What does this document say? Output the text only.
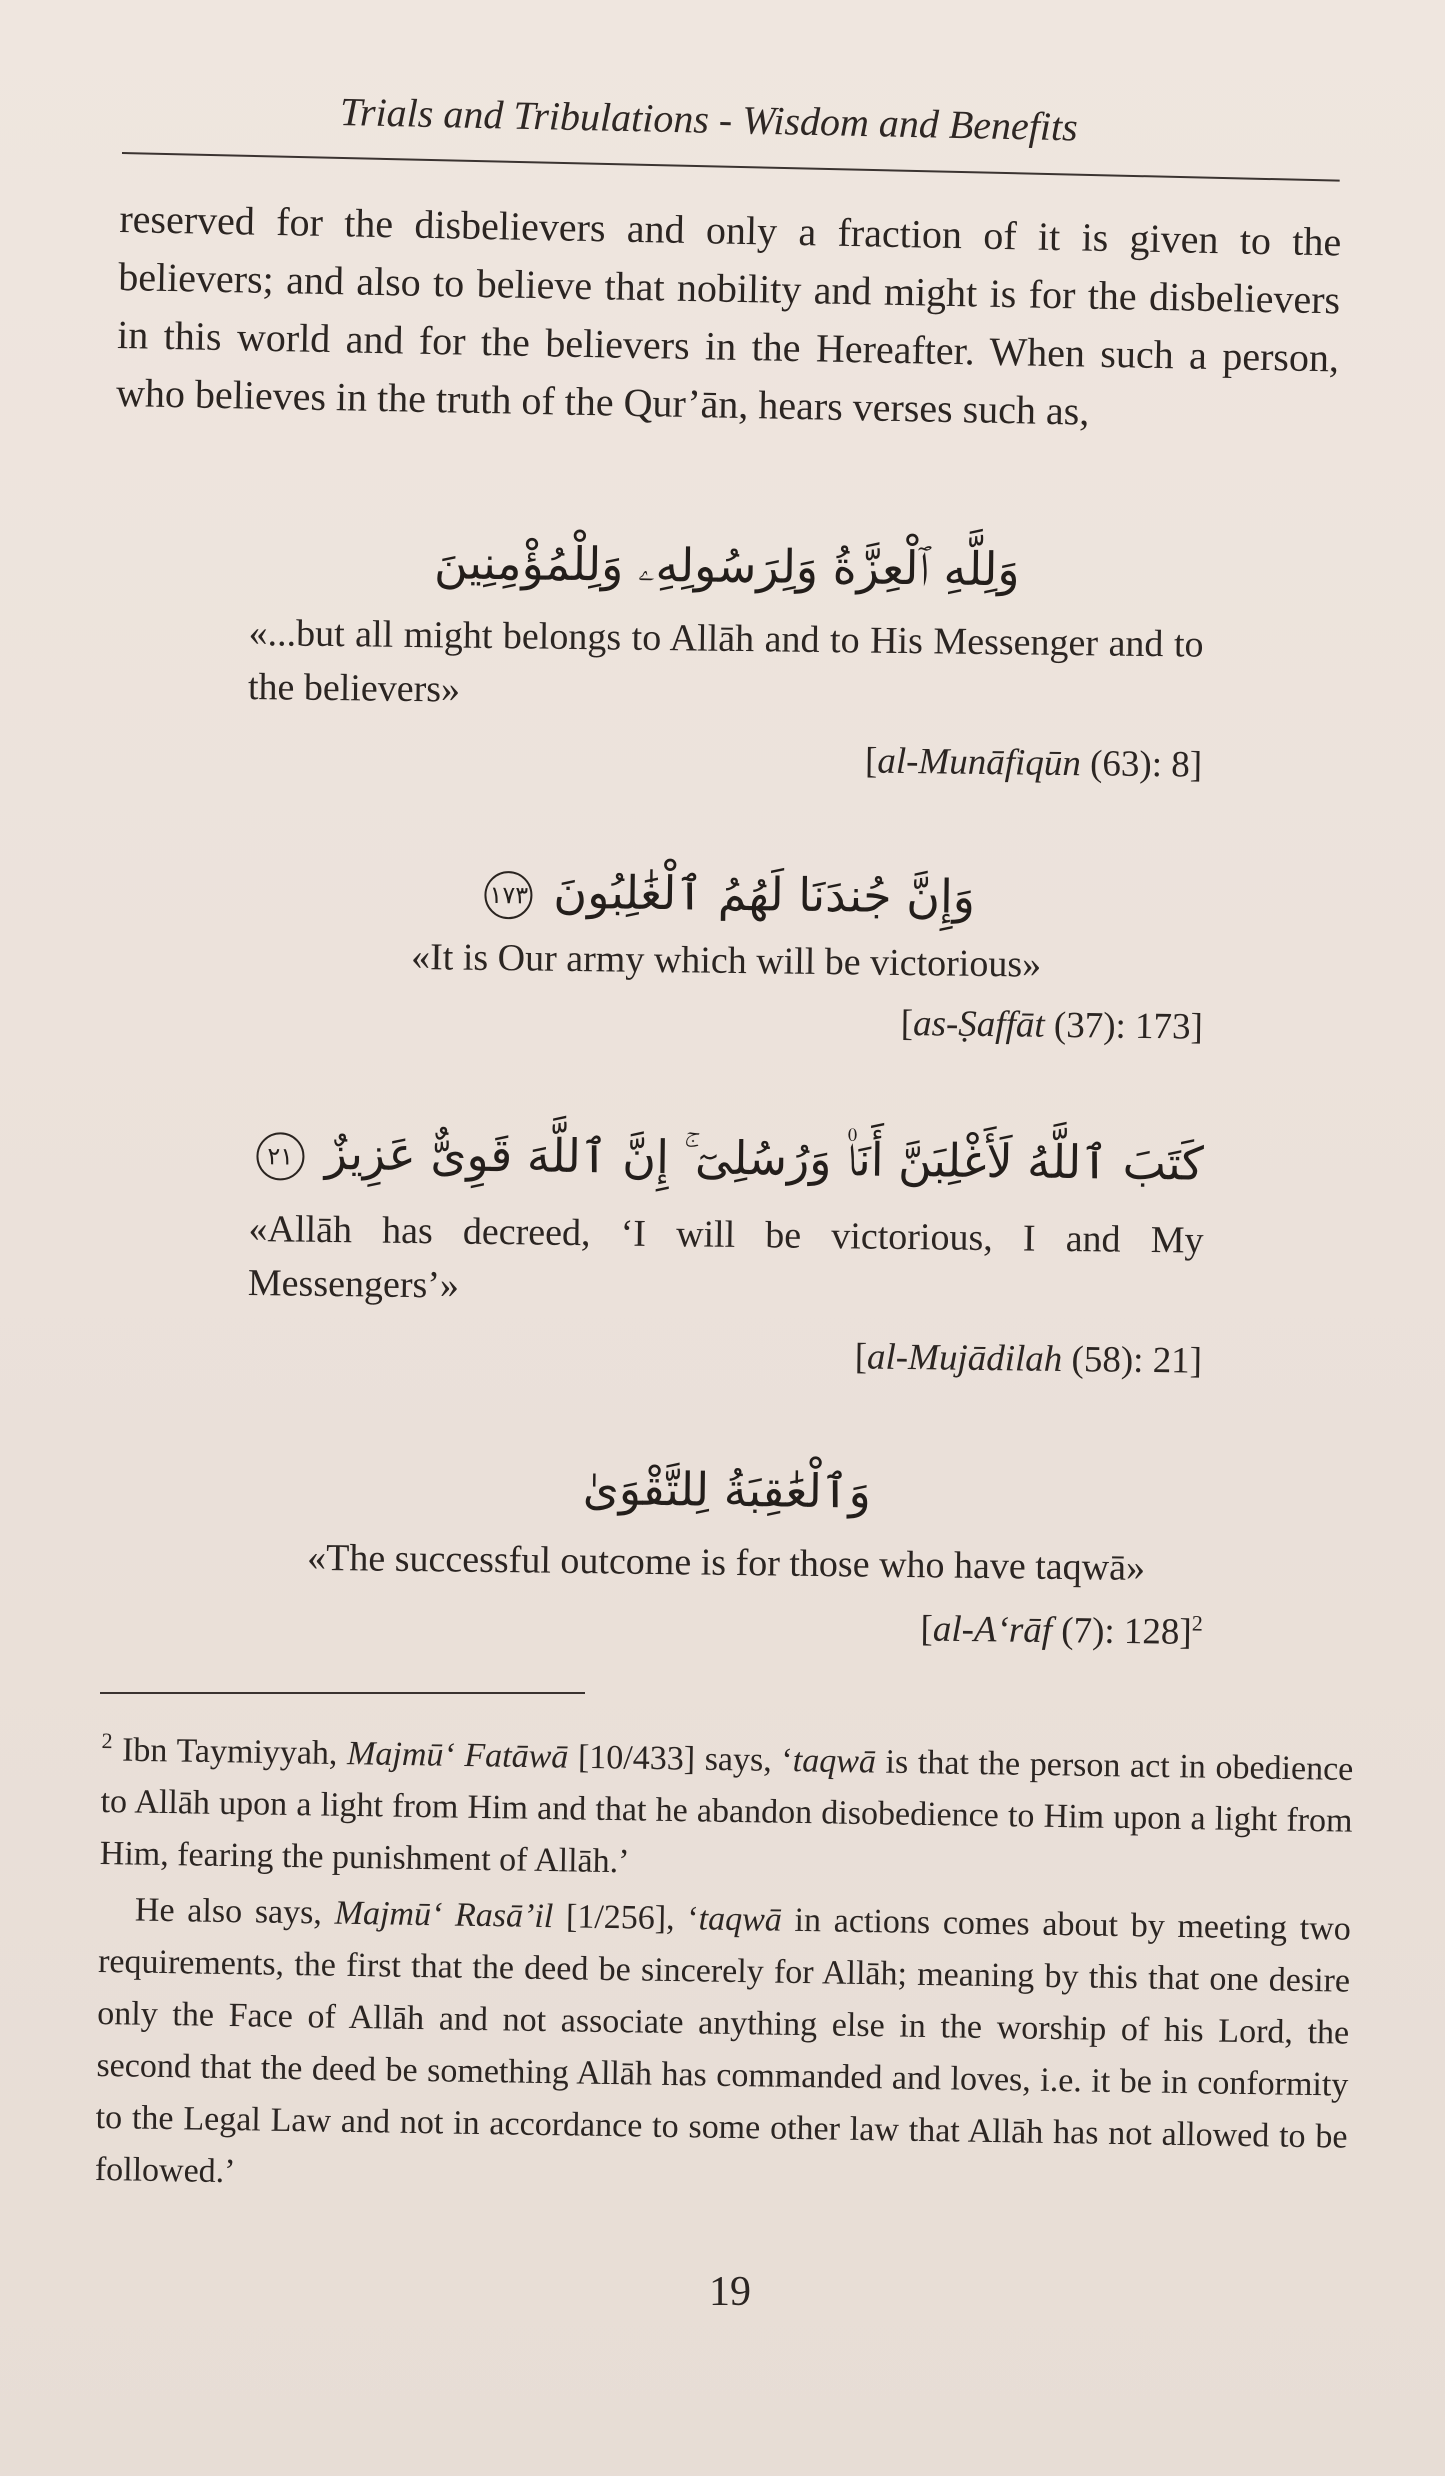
Trials and Tribulations - Wisdom and Benefits
reserved for the disbelievers and only a fraction of it is given to the believers; and also to believe that nobility and might is for the disbelievers in this world and for the believers in the Hereafter. When such a person, who believes in the truth of the Qur’ān, hears verses such as,
وَلِلَّهِ ٱلْعِزَّةُ وَلِرَسُولِهِۦ وَلِلْمُؤْمِنِينَ
«...but all might belongs to Allāh and to His Messenger and to the believers»
[al-Munāfiqūn (63): 8]
وَإِنَّ جُندَنَا لَهُمُ ٱلْغَٰلِبُونَ ١٧٣
«It is Our army which will be victorious»
[as-Ṣaffāt (37): 173]
كَتَبَ ٱللَّهُ لَأَغْلِبَنَّ أَنَا۠ وَرُسُلِىٓ ۚ إِنَّ ٱللَّهَ قَوِىٌّ عَزِيزٌ ٢١
«Allāh has decreed, ‘I will be victorious, I and My Messengers’»
[al-Mujādilah (58): 21]
وَٱلْعَٰقِبَةُ لِلتَّقْوَىٰ
«The successful outcome is for those who have taqwā»
[al-A‘rāf (7): 128]$^2$

$^2$ Ibn Taymiyyah, Majmū‘ Fatāwā [10/433] says, ‘taqwā is that the person act in obedience to Allāh upon a light from Him and that he abandon disobedience to Him upon a light from Him, fearing the punishment of Allāh.’

He also says, Majmū‘ Rasā’il [1/256], ‘taqwā in actions comes about by meeting two requirements, the first that the deed be sincerely for Allāh; meaning by this that one desire only the Face of Allāh and not associate anything else in the worship of his Lord, the second that the deed be something Allāh has commanded and loves, i.e. it be in conformity to the Legal Law and not in accordance to some other law that Allāh has not allowed to be followed.’

19
